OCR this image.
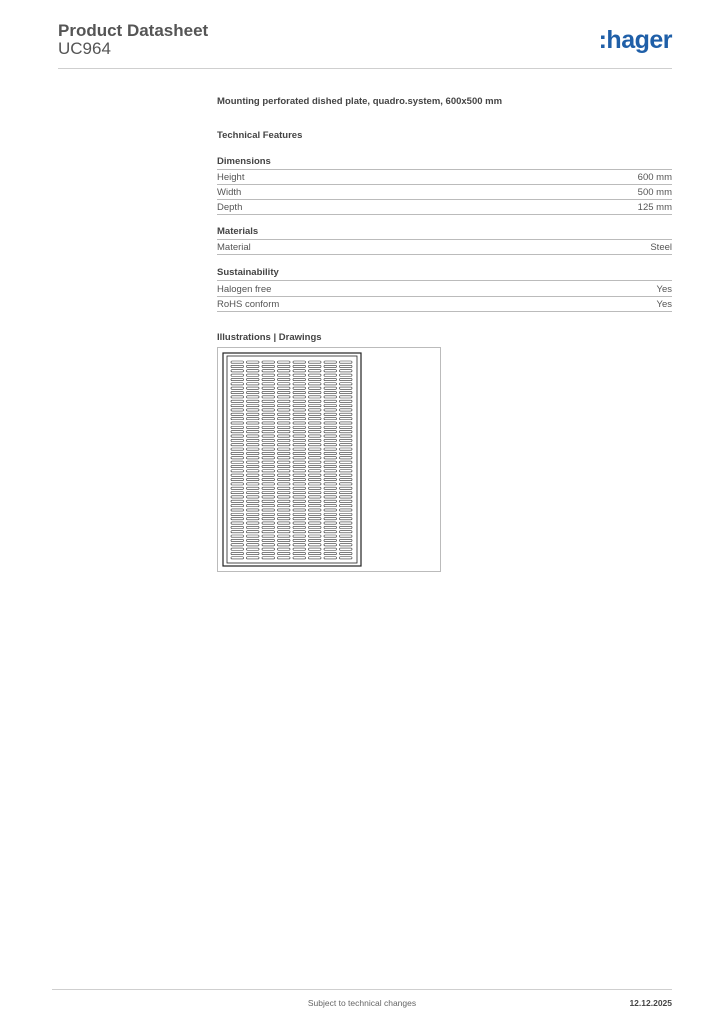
Product Datasheet
UC964	:hager
Mounting perforated dished plate, quadro.system, 600x500 mm
Technical Features
Dimensions
Height	600 mm
Width	500 mm
Depth	125 mm
Materials
Material	Steel
Sustainability
Halogen free	Yes
RoHS conform	Yes
Illustrations | Drawings
Subject to technical changes	12.12.2025
